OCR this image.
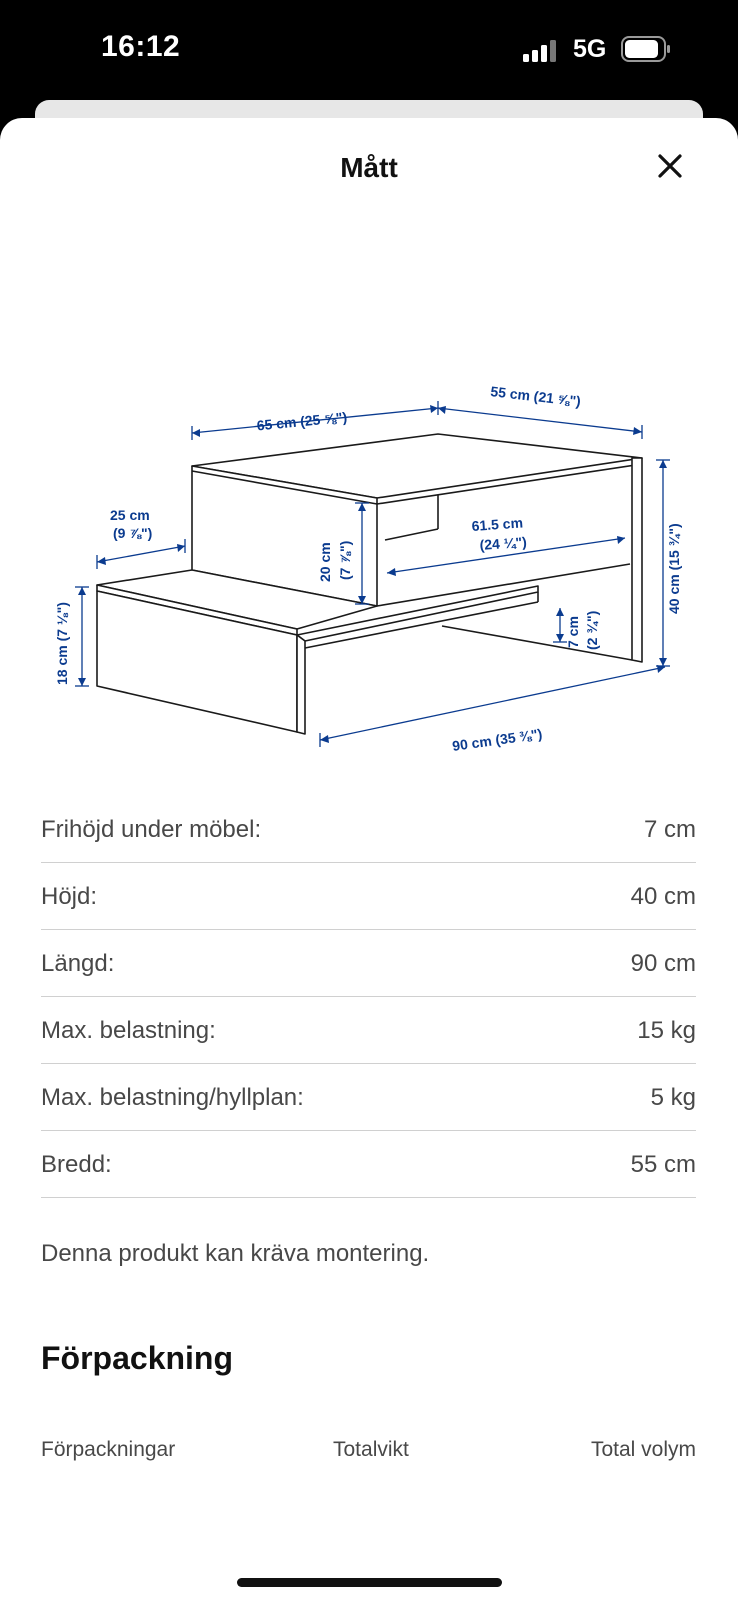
16:12	5G
Mått
65 cm (25 ⅝")
55 cm (21 ⅝")
25 cm
(9 ⅞")
20 cm (7 ⅞")
61.5 cm
(24 ¼")	40 cm (15 ¾")
18 cm (7 ⅛")	7 cm (2 ¾")
90 cm (35 ⅜")
Frihöjd under möbel:	7 cm
Höjd:	40 cm
Längd:	90 cm
Max. belastning:	15 kg
Max. belastning/hyllplan:	5 kg
Bredd:	55 cm
Denna produkt kan kräva montering.
Förpackning
Förpackningar	Totalvikt	Total volym
